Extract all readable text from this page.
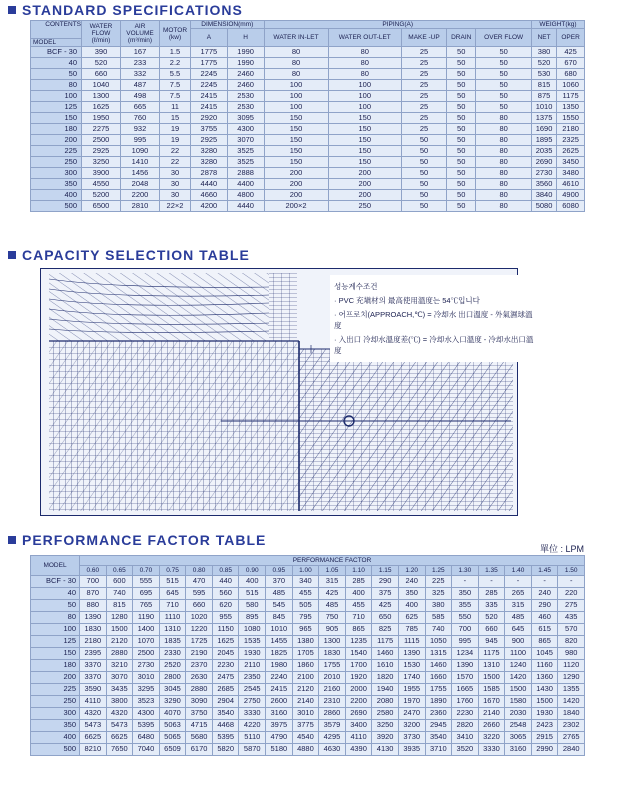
STANDARD SPECIFICATIONS
CONTENTS	WATER FLOW (ℓ/min)	AIR VOLUME (m³/min)	MOTOR (kw)	DIMENSION(mm)		PIPING(A)					WEIGHT(kg)	
				A	H	WATER IN-LET	WATER OUT-LET	MAKE -UP	DRAIN	OVER FLOW	NET	OPER
MODEL												
BCF - 30	390	167	1.5	1775	1990	80	80	25	50	50	380	425
40	520	233	2.2	1775	1990	80	80	25	50	50	520	670
50	660	332	5.5	2245	2460	80	80	25	50	50	530	680
80	1040	487	7.5	2245	2460	100	100	25	50	50	815	1060
100	1300	498	7.5	2415	2530	100	100	25	50	50	875	1175
125	1625	665	11	2415	2530	100	100	25	50	50	1010	1350
150	1950	760	15	2920	3095	150	150	25	50	80	1375	1550
180	2275	932	19	3755	4300	150	150	25	50	80	1690	2180
200	2500	995	19	2925	3070	150	150	50	50	80	1895	2325
225	2925	1090	22	3280	3525	150	150	50	50	80	2035	2625
250	3250	1410	22	3280	3525	150	150	50	50	80	2690	3450
300	3900	1456	30	2878	2888	200	200	50	50	80	2730	3480
350	4550	2048	30	4440	4400	200	200	50	50	80	3560	4610
400	5200	2200	30	4660	4800	200	200	50	50	80	3840	4900
500	6500	2810	22×2	4200	4440	200×2	250	50	50	80	5080	6080
CAPACITY SELECTION TABLE
성능계수조건
· PVC 充塡材의 最高使用溫度는 54℃입니다
· 어프로치(APPROACH,℃) = 冷却水 出口溫度 - 外氣濕球溫度
· 入出口 冷却水溫度差(℃) = 冷却水入口溫度 - 冷却水出口溫度
PERFORMANCE FACTOR TABLE
單位 : LPM
MODEL	PERFORMANCE FACTOR																		
	0.60	0.65	0.70	0.75	0.80	0.85	0.90	0.95	1.00	1.05	1.10	1.15	1.20	1.25	1.30	1.35	1.40	1.45	1.50
BCF - 30	700	600	555	515	470	440	400	370	340	315	285	290	240	225	-	-	-	-	-
40	870	740	695	645	595	560	515	485	455	425	400	375	350	325	350	285	265	240	220
50	880	815	765	710	660	620	580	545	505	485	455	425	400	380	355	335	315	290	275
80	1390	1280	1190	1110	1020	955	895	845	795	750	710	650	625	585	550	520	485	460	435
100	1830	1500	1400	1310	1220	1150	1080	1010	965	905	865	825	785	740	700	660	645	615	570
125	2180	2120	1070	1835	1725	1625	1535	1455	1380	1300	1235	1175	1115	1050	995	945	900	865	820
150	2395	2880	2500	2330	2190	2045	1930	1825	1705	1830	1540	1460	1390	1315	1234	1175	1100	1045	980
180	3370	3210	2730	2520	2370	2230	2110	1980	1860	1755	1700	1610	1530	1460	1390	1310	1240	1160	1120
200	3370	3070	3010	2800	2630	2475	2350	2240	2100	2010	1920	1820	1740	1660	1570	1500	1420	1360	1290
225	3590	3435	3295	3045	2880	2685	2545	2415	2120	2160	2000	1940	1955	1755	1665	1585	1500	1430	1355
250	4110	3800	3523	3290	3090	2904	2750	2600	2140	2310	2200	2080	1970	1890	1760	1670	1580	1500	1420
300	4320	4320	4300	4070	3750	3540	3330	3160	3010	2860	2690	2580	2470	2360	2230	2140	2030	1930	1840
350	5473	5473	5395	5063	4715	4468	4220	3975	3775	3579	3400	3250	3200	2945	2820	2660	2548	2423	2302
400	6625	6625	6480	5065	5680	5395	5110	4790	4540	4295	4110	3920	3730	3540	3410	3220	3065	2915	2765
500	8210	7650	7040	6509	6170	5820	5870	5180	4880	4630	4390	4130	3935	3710	3520	3330	3160	2990	2840
